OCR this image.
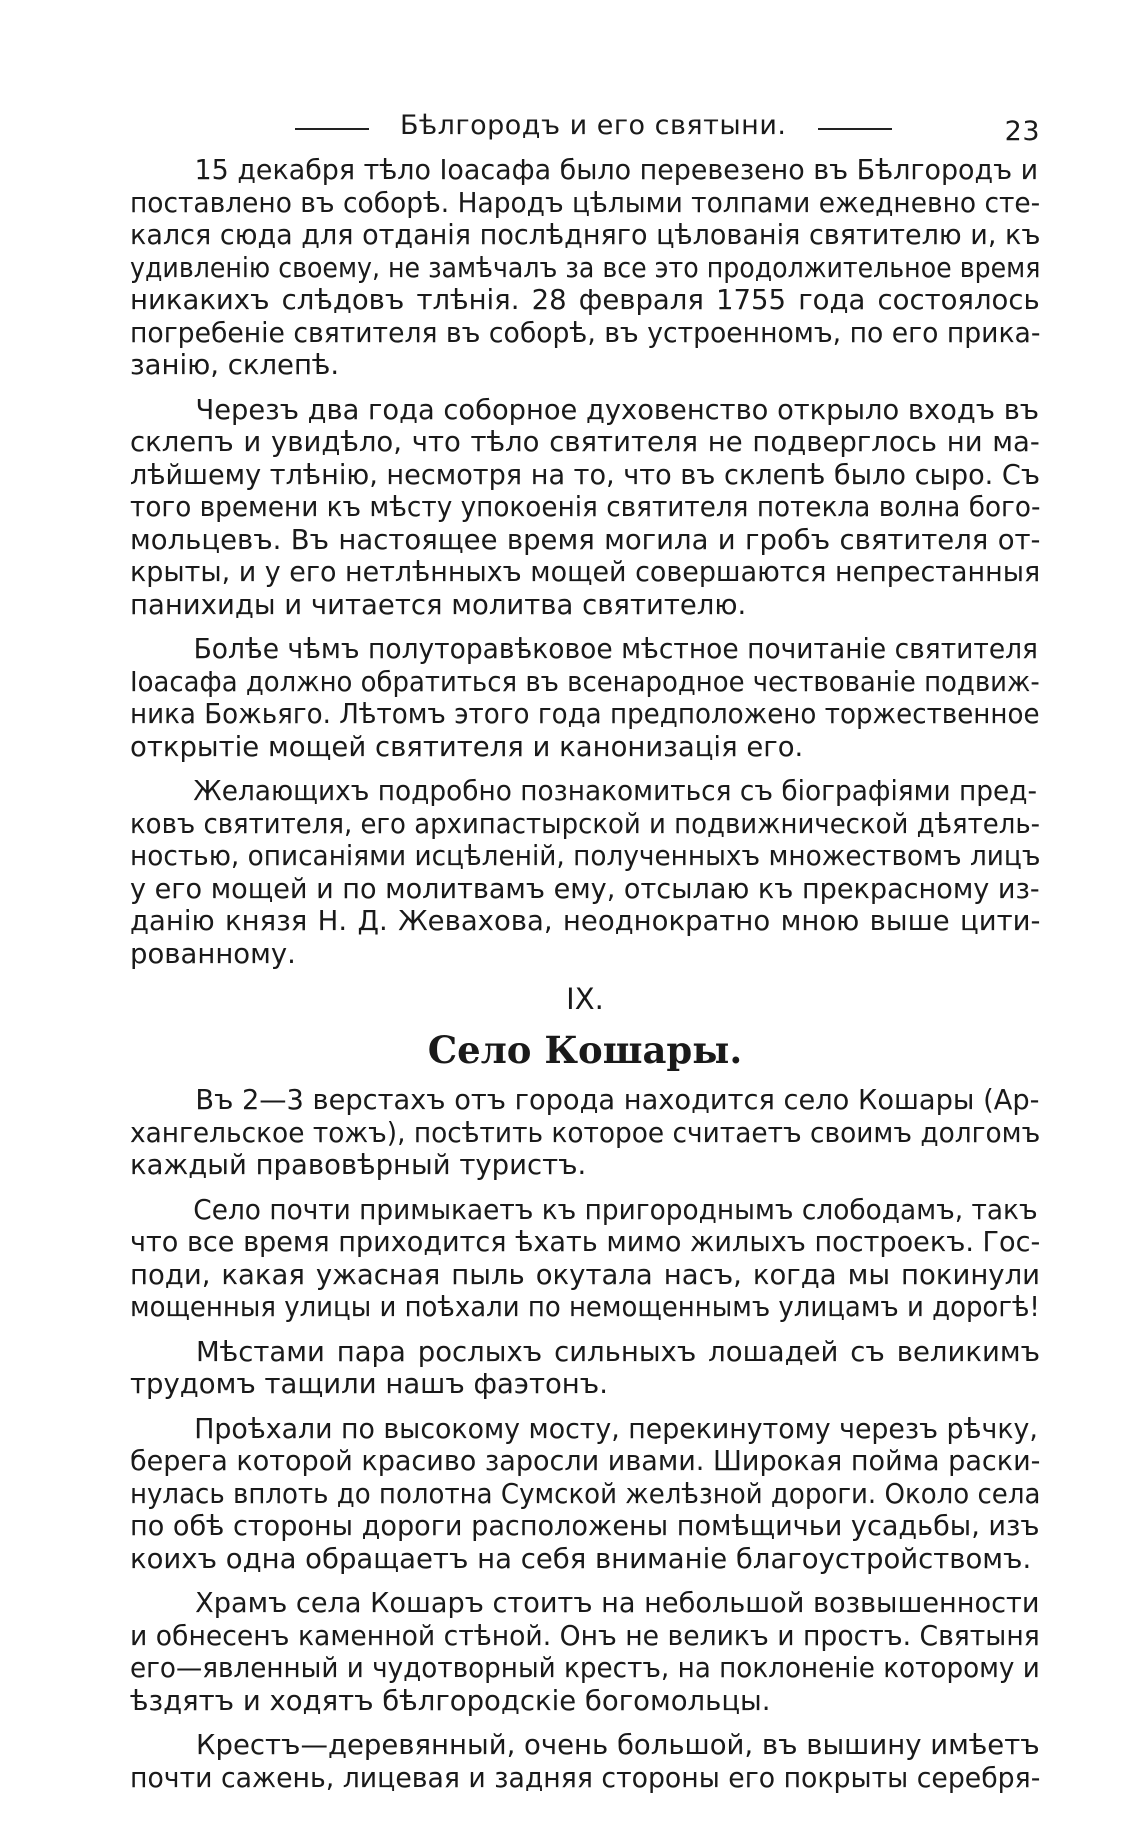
Бѣлгородъ и его святыни.	23
15 декабря тѣло Іоасафа было перевезено въ Бѣлгородъ и
поставлено въ соборѣ. Народъ цѣлыми толпами ежедневно сте-
кался сюда для отданія послѣдняго цѣлованія святителю и, къ
удивленію своему, не замѣчалъ за все это продолжительное время
никакихъ слѣдовъ тлѣнія. 28 февраля 1755 года состоялось
погребеніе святителя въ соборѣ, въ устроенномъ, по его прика-
занію, склепѣ.
Черезъ два года соборное духовенство открыло входъ въ
склепъ и увидѣло, что тѣло святителя не подверглось ни ма-
лѣйшему тлѣнію, несмотря на то, что въ склепѣ было сыро. Съ
того времени къ мѣсту упокоенія святителя потекла волна бого-
мольцевъ. Въ настоящее время могила и гробъ святителя от-
крыты, и у его нетлѣнныхъ мощей совершаются непрестанныя
панихиды и читается молитва святителю.
Болѣе чѣмъ полуторавѣковое мѣстное почитаніе святителя
Іоасафа должно обратиться въ всенародное чествованіе подвиж-
ника Божьяго. Лѣтомъ этого года предположено торжественное
открытіе мощей святителя и канонизація его.
Желающихъ подробно познакомиться съ біографіями пред-
ковъ святителя, его архипастырской и подвижнической дѣятель-
ностью, описаніями исцѣленій, полученныхъ множествомъ лицъ
у его мощей и по молитвамъ ему, отсылаю къ прекрасному из-
данію князя Н. Д. Жевахова, неоднократно мною выше цити-
рованному.
IX.
Село Кошары.
Въ 2—3 верстахъ отъ города находится село Кошары (Ар-
хангельское тожъ), посѣтить которое считаетъ своимъ долгомъ
каждый правовѣрный туристъ.
Село почти примыкаетъ къ пригороднымъ слободамъ, такъ
что все время приходится ѣхать мимо жилыхъ построекъ. Гос-
поди, какая ужасная пыль окутала насъ, когда мы покинули
мощенныя улицы и поѣхали по немощеннымъ улицамъ и дорогѣ!
Мѣстами пара рослыхъ сильныхъ лошадей съ великимъ
трудомъ тащили нашъ фаэтонъ.
Проѣхали по высокому мосту, перекинутому черезъ рѣчку,
берега которой красиво заросли ивами. Широкая пойма раски-
нулась вплоть до полотна Сумской желѣзной дороги. Около села
по обѣ стороны дороги расположены помѣщичьи усадьбы, изъ
коихъ одна обращаетъ на себя вниманіе благоустройствомъ.
Храмъ села Кошаръ стоитъ на небольшой возвышенности
и обнесенъ каменной стѣной. Онъ не великъ и простъ. Святыня
его—явленный и чудотворный крестъ, на поклоненіе которому и
ѣздятъ и ходятъ бѣлгородскіе богомольцы.
Крестъ—деревянный, очень большой, въ вышину имѣетъ
почти сажень, лицевая и задняя стороны его покрыты серебря-
